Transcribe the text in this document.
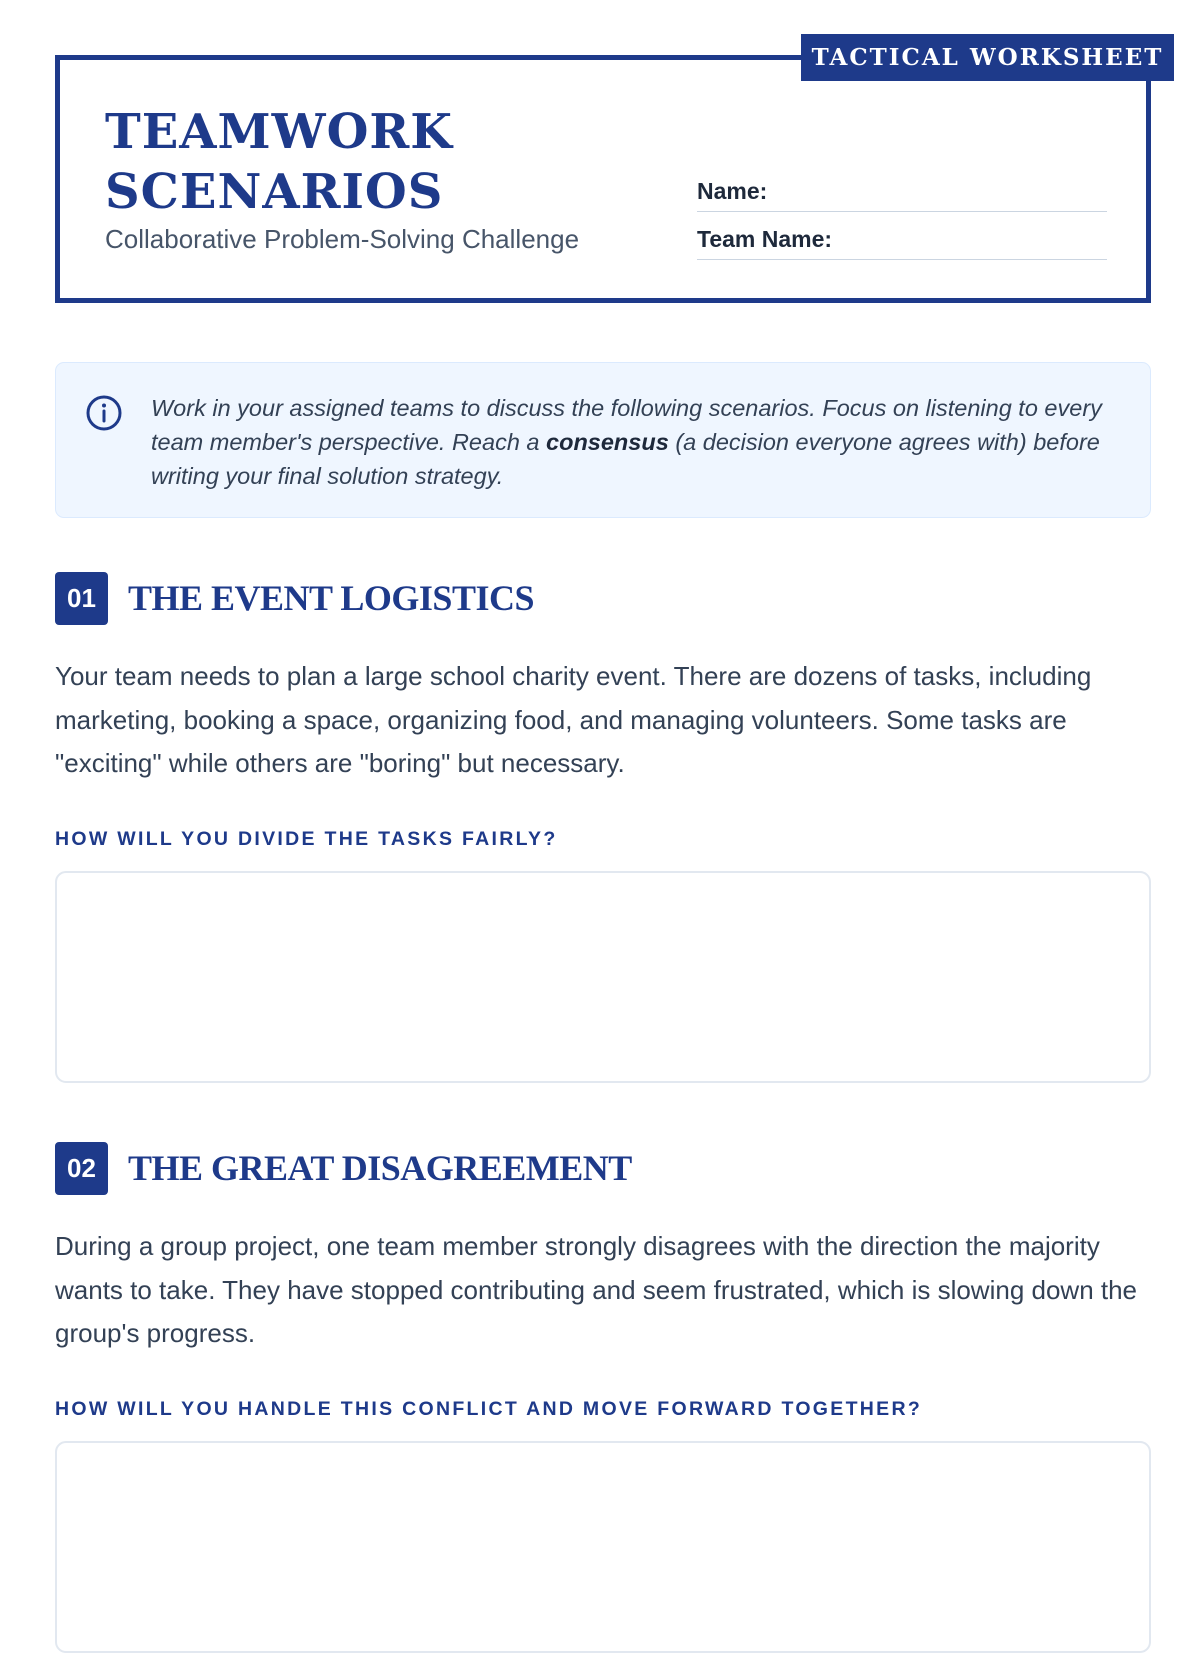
TEAMWORK
SCENARIOS
Collaborative Problem-Solving Challenge
Name:
Team Name:
TACTICAL WORKSHEET
Work in your assigned teams to discuss the following scenarios. Focus on listening to every team member's perspective. Reach a consensus (a decision everyone agrees with) before writing your final solution strategy.
01 THE EVENT LOGISTICS
Your team needs to plan a large school charity event. There are dozens of tasks, including marketing, booking a space, organizing food, and managing volunteers. Some tasks are "exciting" while others are "boring" but necessary.
HOW WILL YOU DIVIDE THE TASKS FAIRLY?
02 THE GREAT DISAGREEMENT
During a group project, one team member strongly disagrees with the direction the majority wants to take. They have stopped contributing and seem frustrated, which is slowing down the group's progress.
HOW WILL YOU HANDLE THIS CONFLICT AND MOVE FORWARD TOGETHER?
